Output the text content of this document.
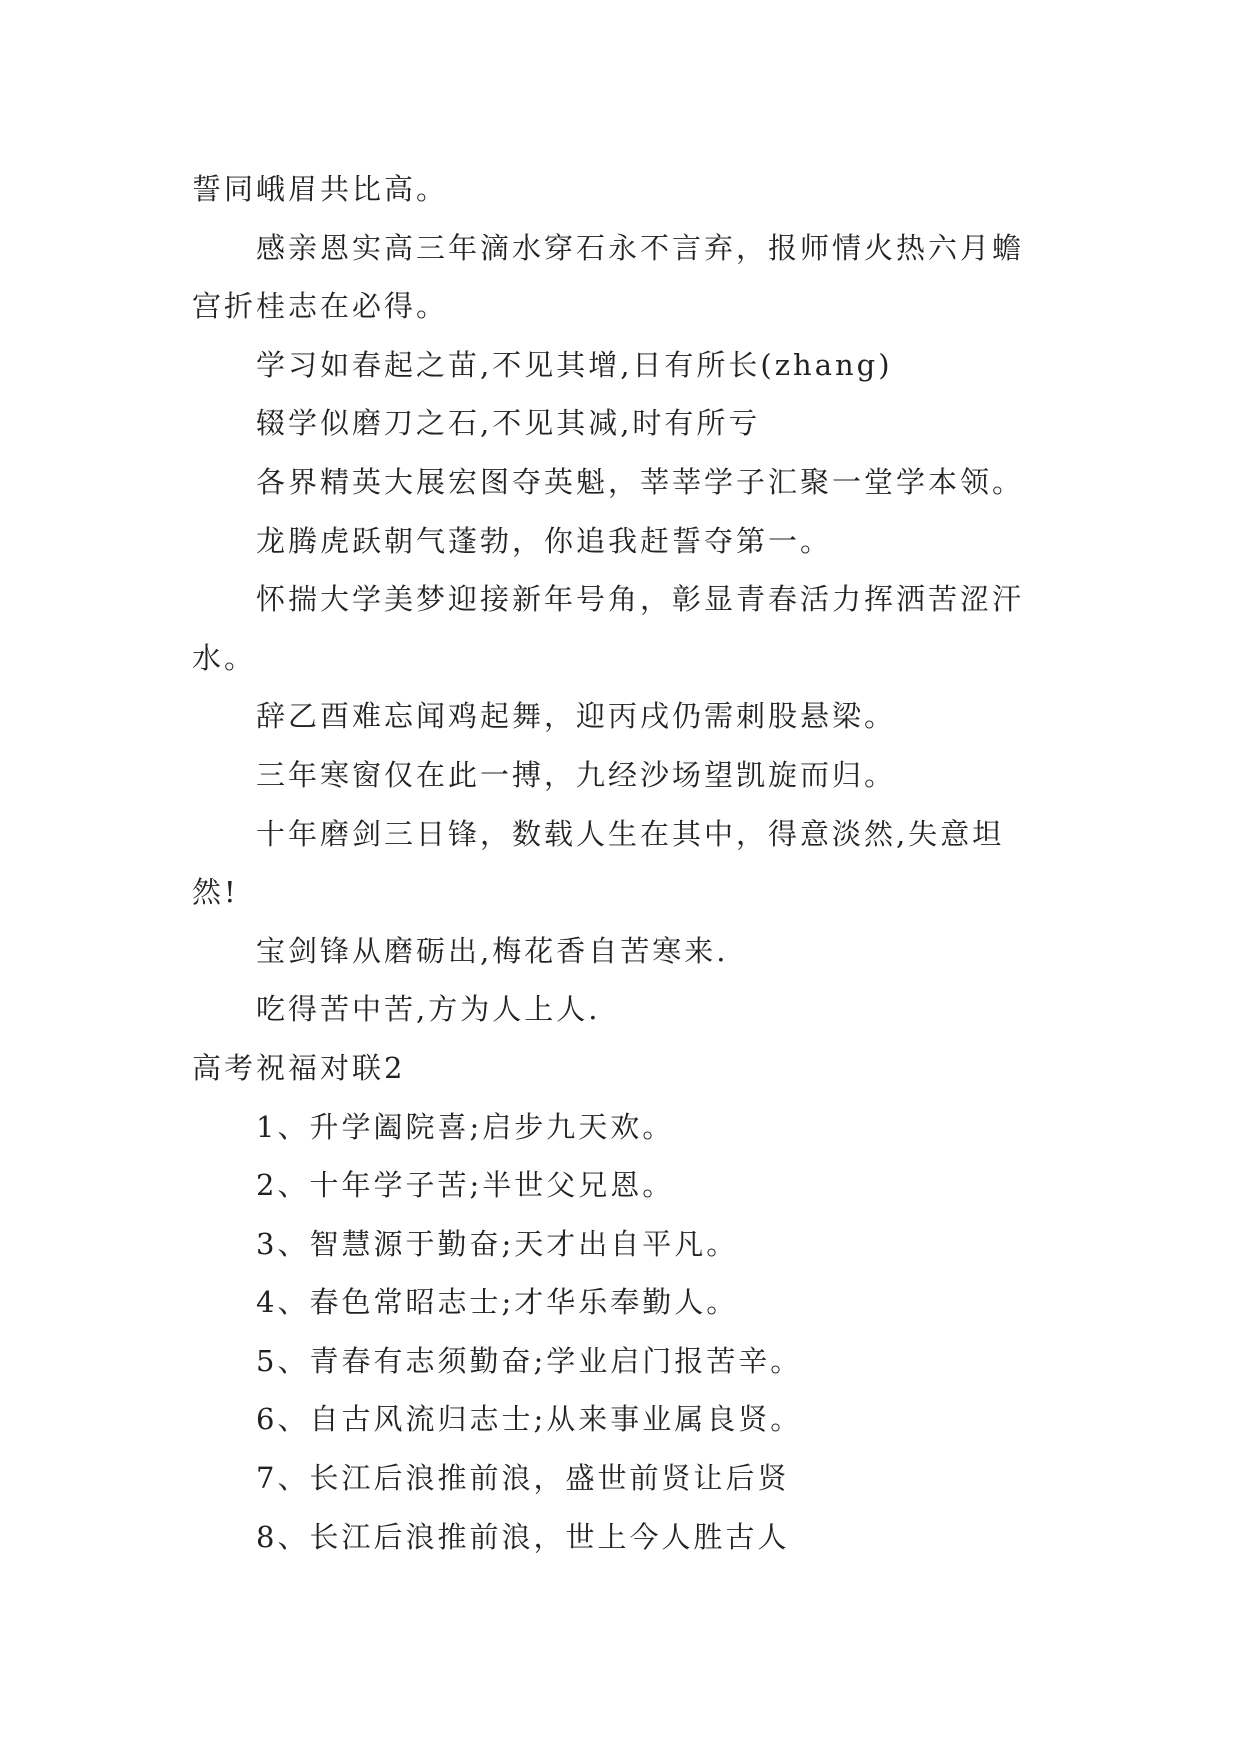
誓同峨眉共比高。
感亲恩实高三年滴水穿石永不言弃，报师情火热六月蟾
宫折桂志在必得。
学习如春起之苗,不见其增,日有所长(zhang)
辍学似磨刀之石,不见其减,时有所亏
各界精英大展宏图夺英魁，莘莘学子汇聚一堂学本领。
龙腾虎跃朝气蓬勃，你追我赶誓夺第一。
怀揣大学美梦迎接新年号角，彰显青春活力挥洒苦涩汗
水。
辞乙酉难忘闻鸡起舞，迎丙戌仍需刺股悬梁。
三年寒窗仅在此一搏，九经沙场望凯旋而归。
十年磨剑三日锋，数载人生在其中，得意淡然,失意坦
然!
宝剑锋从磨砺出,梅花香自苦寒来.
吃得苦中苦,方为人上人.
高考祝福对联2
1、升学阖院喜;启步九天欢。
2、十年学子苦;半世父兄恩。
3、智慧源于勤奋;天才出自平凡。
4、春色常昭志士;才华乐奉勤人。
5、青春有志须勤奋;学业启门报苦辛。
6、自古风流归志士;从来事业属良贤。
7、长江后浪推前浪，盛世前贤让后贤
8、长江后浪推前浪，世上今人胜古人
